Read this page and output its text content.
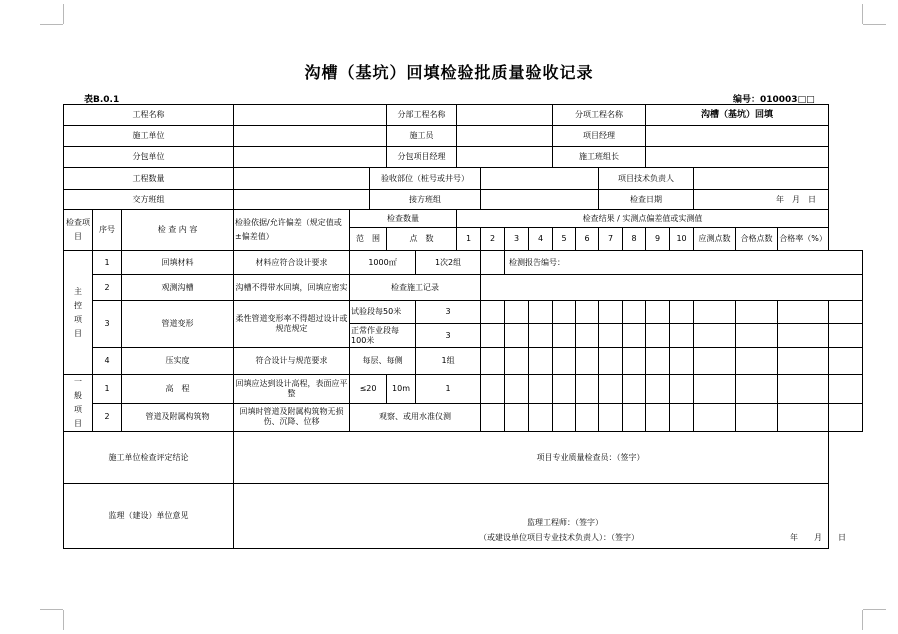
沟槽（基坑）回填检验批质量验收记录
表B.0.1	编号：010003□□
工程名称						分部工程名称						分项工程名称				沟槽（基坑）回填					
施工单位						施工员						项目经理									
分包单位						分包项目经理						施工班组长									
工程数量					验收部位（桩号或井号）									项目技术负责人							
交方班组					接方班组									检查日期				年　月　日			
检查项目	序号	检 查 内 容	检验依据/允许偏差（规定值或±偏差值）	检查数量				检查结果 / 实测点偏差值或实测值													
				范　围		点　数		1	2	3	4	5	6	7	8	9	10	应测点数	合格点数	合格率（%）	
主控项目	1	回填材料	材料应符合设计要求	1000㎡			1次2组			检测报告编号：											
	2	观测沟槽	沟槽不得带水回填，回填应密实	检查施工记录																	
	3	管道变形	柔性管道变形率不得超过设计或规范规定	试验段每50米			3														
				正常作业段每100米			3														
	4	压实度	符合设计与规范要求	每层、每侧			1组														
一般项目	1	高　程	回填应达到设计高程，表面应平整	≤20		10m	1														
	2	管道及附属构筑物	回填时管道及附属构筑物无损伤、沉降、位移	观察、或用水准仪测																	
施工单位检查评定结论			项目专业质量检查员：（签字）																		
监理（建设）单位意见			监理工程师：（签字）
（或建设单位项目专业技术负责人）：（签字） 年　　月　　日																		
